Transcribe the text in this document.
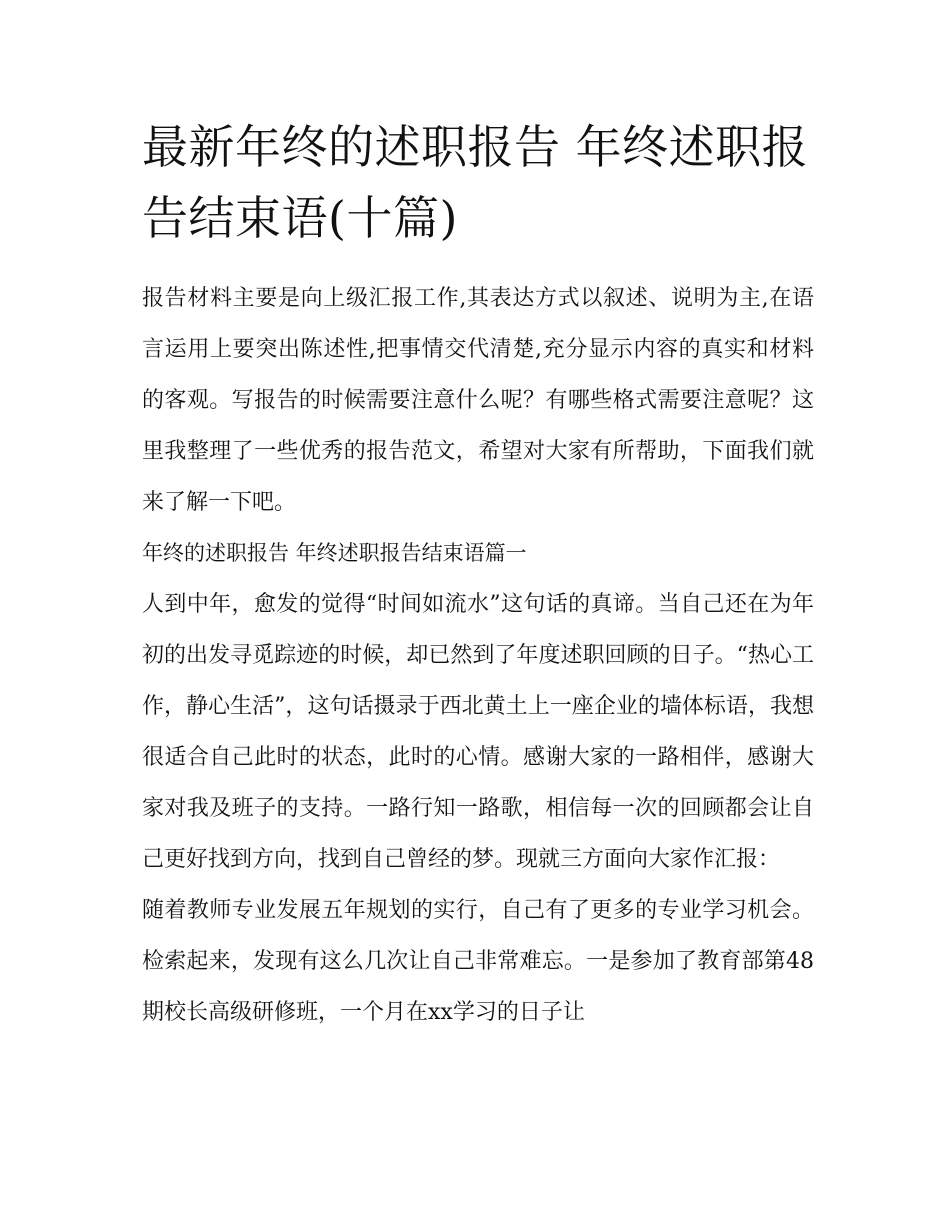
最新年终的述职报告 年终述职报告结束语(十篇)

报告材料主要是向上级汇报工作,其表达方式以叙述、说明为主,在语言运用上要突出陈述性,把事情交代清楚,充分显示内容的真实和材料的客观。写报告的时候需要注意什么呢？有哪些格式需要注意呢？这里我整理了一些优秀的报告范文，希望对大家有所帮助，下面我们就来了解一下吧。

年终的述职报告 年终述职报告结束语篇一

人到中年，愈发的觉得“时间如流水”这句话的真谛。当自己还在为年初的出发寻觅踪迹的时候，却已然到了年度述职回顾的日子。“热心工作，静心生活”，这句话摄录于西北黄土上一座企业的墙体标语，我想很适合自己此时的状态，此时的心情。感谢大家的一路相伴，感谢大家对我及班子的支持。一路行知一路歌，相信每一次的回顾都会让自己更好找到方向，找到自己曾经的梦。现就三方面向大家作汇报：

随着教师专业发展五年规划的实行，自己有了更多的专业学习机会。检索起来，发现有这么几次让自己非常难忘。一是参加了教育部第48期校长高级研修班，一个月在xx学习的日子让
